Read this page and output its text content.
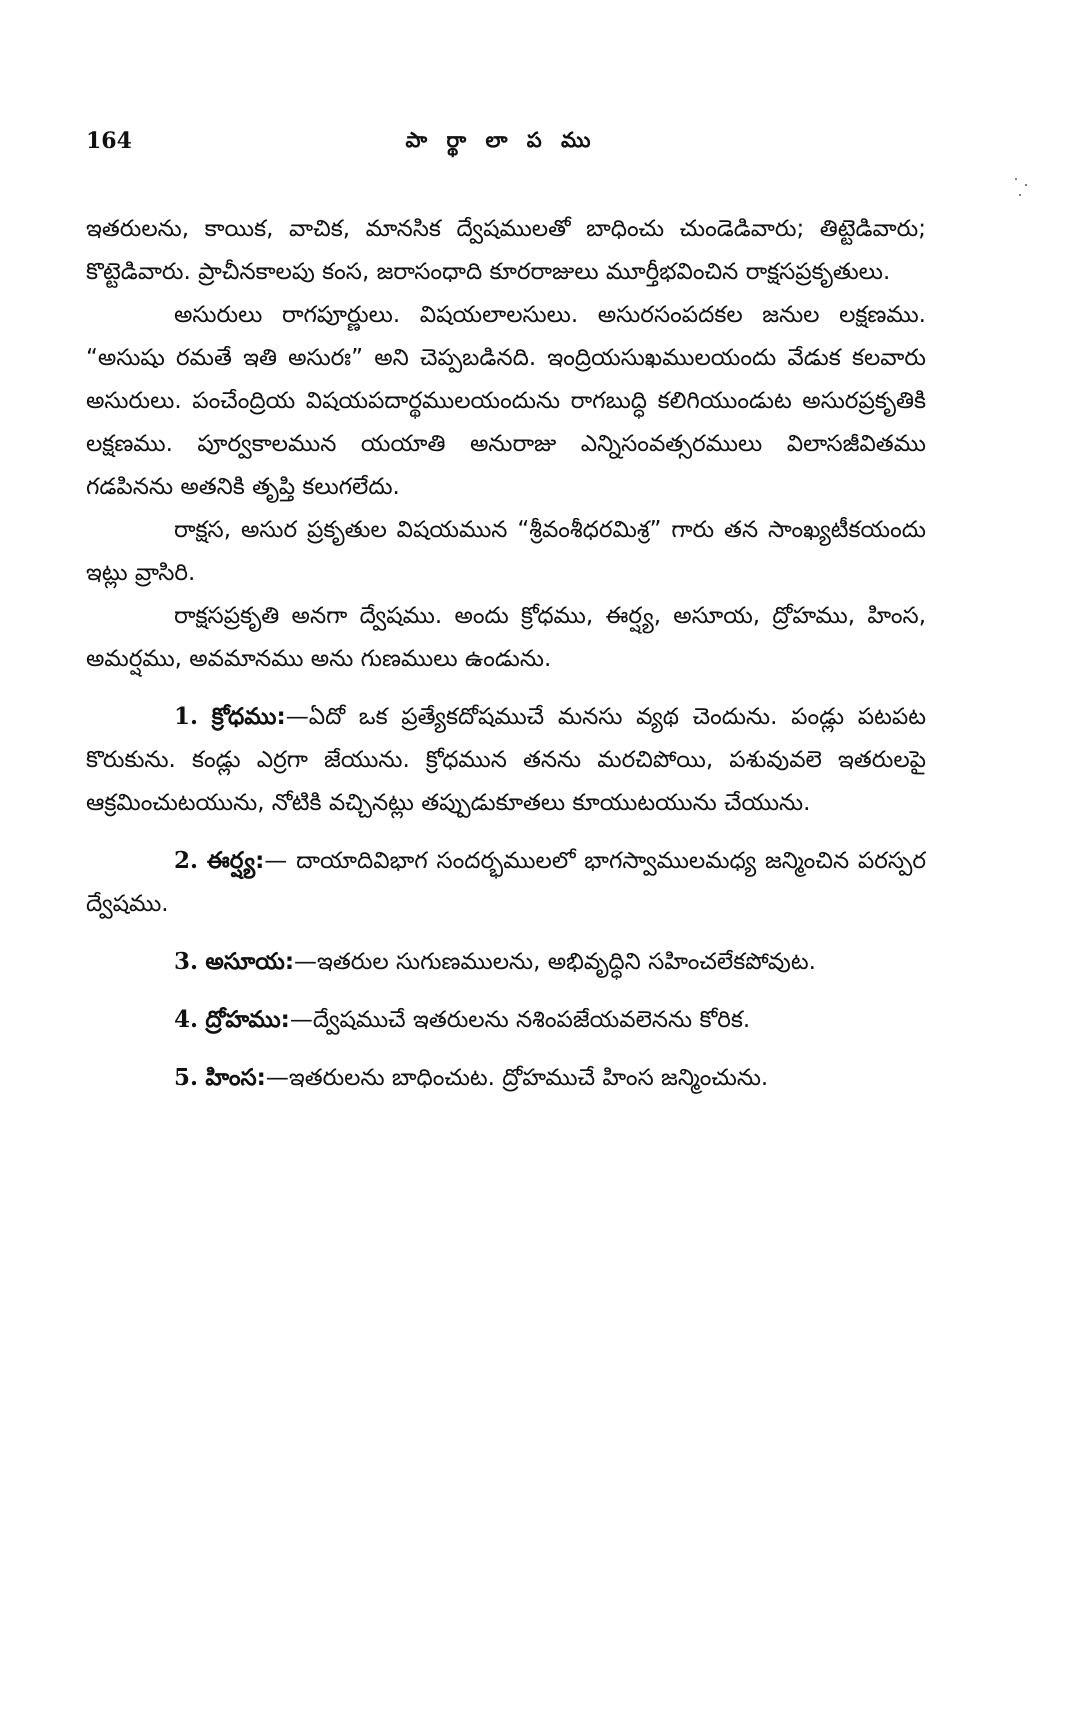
164	పా ర్థా లా ప ము

ఇతరులను, కాయిక, వాచిక, మానసిక ద్వేషములతో బాధించు చుండెడివారు; తిట్టెడివారు; కొట్టెడివారు. ప్రాచీనకాలపు కంస, జరాసంధాది కూరరాజులు మూర్తీభవించిన రాక్షసప్రకృతులు.

అసురులు రాగపూర్ణులు. విషయలాలసులు. అసురసంపదకల జనుల లక్షణము. “అసుషు రమతే ఇతి అసురః” అని చెప్పబడినది. ఇంద్రియసుఖములయందు వేడుక కలవారు అసురులు. పంచేంద్రియ విషయపదార్థములయందును రాగబుద్ధి కలిగియుండుట అసురప్రకృతికి లక్షణము. పూర్వకాలమున యయాతి అనురాజు ఎన్నిసంవత్సరములు విలాసజీవితము గడపినను అతనికి తృప్తి కలుగలేదు.

రాక్షస, అసుర ప్రకృతుల విషయమున “శ్రీవంశీధరమిశ్ర” గారు తన సాంఖ్యటీకయందు ఇట్లు వ్రాసిరి.

రాక్షసప్రకృతి అనగా ద్వేషము. అందు క్రోధము, ఈర్ష్య, అసూయ, ద్రోహము, హింస, అమర్షము, అవమానము అను గుణములు ఉండును.

1. క్రోధము:—ఏదో ఒక ప్రత్యేకదోషముచే మనసు వ్యథ చెందును. పండ్లు పటపట కొరుకును. కండ్లు ఎర్రగా జేయును. క్రోధమున తనను మరచిపోయి, పశువువలె ఇతరులపై ఆక్రమించుటయును, నోటికి వచ్చినట్లు తప్పుడుకూతలు కూయుటయును చేయును.

2. ఈర్ష్య:— దాయాదివిభాగ సందర్భములలో భాగస్వాములమధ్య జన్మించిన పరస్పర ద్వేషము.

3. అసూయ:—ఇతరుల సుగుణములను, అభివృద్ధిని సహించలేకపోవుట.

4. ద్రోహము:—ద్వేషముచే ఇతరులను నశింపజేయవలెనను కోరిక.

5. హింస:—ఇతరులను బాధించుట. ద్రోహముచే హింస జన్మించును.
